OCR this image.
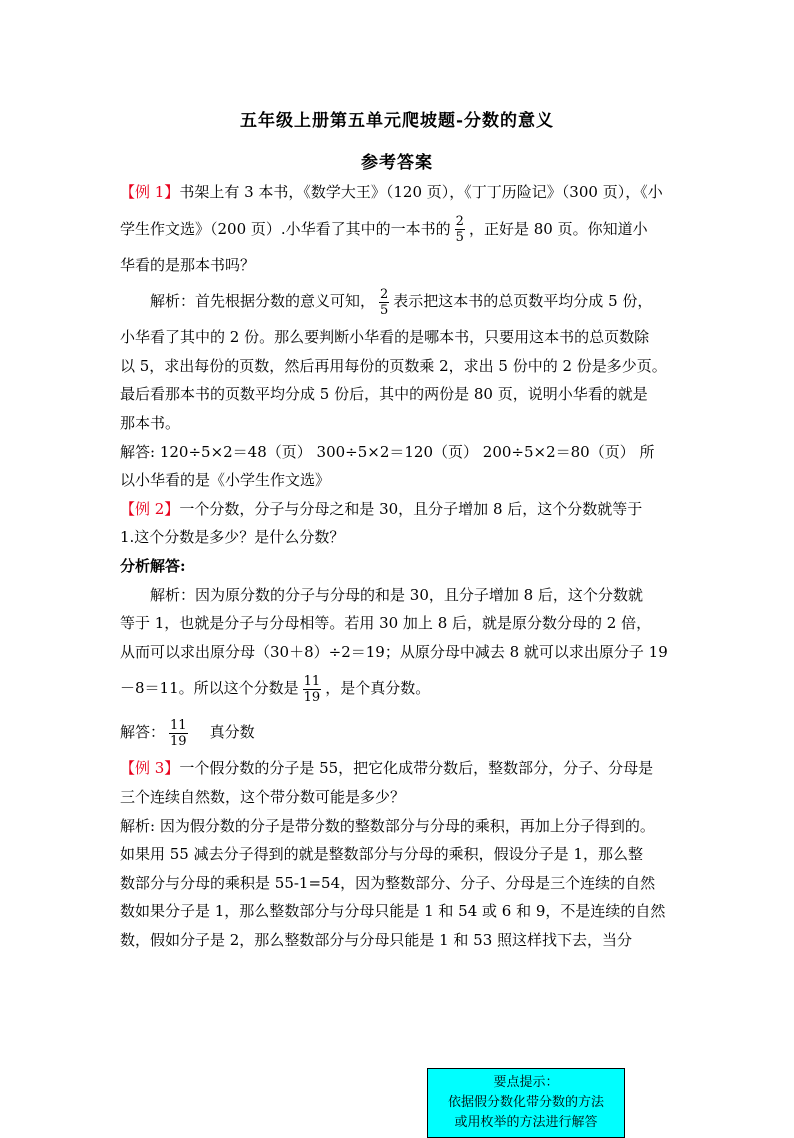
五年级上册第五单元爬坡题-分数的意义
参考答案
【例 1】书架上有 3 本书，《数学大王》（120 页），《丁丁历险记》（300 页），《小
学生作文选》（200 页）.小华看了其中的一本书的 $\frac{2}{5}$ ，正好是 80 页。你知道小
华看的是那本书吗？
解析：首先根据分数的意义可知， $\frac{2}{5}$ 表示把这本书的总页数平均分成 5 份，
小华看了其中的 2 份。那么要判断小华看的是哪本书，只要用这本书的总页数除
以 5，求出每份的页数，然后再用每份的页数乘 2，求出 5 份中的 2 份是多少页。
最后看那本书的页数平均分成 5 份后，其中的两份是 80 页，说明小华看的就是
那本书。
解答: 120÷5×2＝48（页） 300÷5×2＝120（页） 200÷5×2＝80（页） 所
以小华看的是《小学生作文选》
【例 2】一个分数，分子与分母之和是 30，且分子增加 8 后，这个分数就等于
1.这个分数是多少？是什么分数？
分析解答:
解析：因为原分数的分子与分母的和是 30，且分子增加 8 后，这个分数就
等于 1，也就是分子与分母相等。若用 30 加上 8 后，就是原分数分母的 2 倍，
从而可以求出原分母（30＋8）÷2＝19；从原分母中减去 8 就可以求出原分子 19
－8＝11。所以这个分数是 $\frac{11}{19}$ ，是个真分数。
解答： $\frac{11}{19}$ 真分数
【例 3】一个假分数的分子是 55，把它化成带分数后，整数部分，分子、分母是
三个连续自然数，这个带分数可能是多少？
解析: 因为假分数的分子是带分数的整数部分与分母的乘积，再加上分子得到的。
如果用 55 减去分子得到的就是整数部分与分母的乘积，假设分子是 1，那么整
数部分与分母的乘积是 55-1=54，因为整数部分、分子、分母是三个连续的自然
数如果分子是 1，那么整数部分与分母只能是 1 和 54 或 6 和 9，不是连续的自然
数，假如分子是 2，那么整数部分与分母只能是 1 和 53 照这样找下去，当分
要点提示：
依据假分数化带分数的方法
或用枚举的方法进行解答
